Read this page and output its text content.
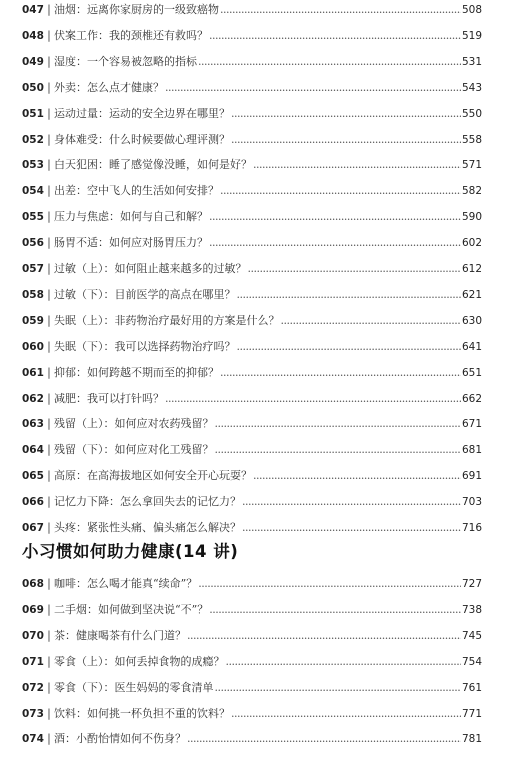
047 | 油烟：远离你家厨房的一级致癌物 .....	508
048 | 伏案工作：我的颈椎还有救吗？ .....	519
049 | 湿度：一个容易被忽略的指标 .....	531
050 | 外卖：怎么点才健康？ .....	543
051 | 运动过量：运动的安全边界在哪里？ .....	550
052 | 身体难受：什么时候要做心理评测？ .....	558
053 | 白天犯困：睡了感觉像没睡，如何是好？ .....	571
054 | 出差：空中飞人的生活如何安排？ .....	582
055 | 压力与焦虑：如何与自己和解？ .....	590
056 | 肠胃不适：如何应对肠胃压力？ .....	602
057 | 过敏（上）：如何阻止越来越多的过敏？ .....	612
058 | 过敏（下）：目前医学的高点在哪里？ .....	621
059 | 失眠（上）：非药物治疗最好用的方案是什么？ .....	630
060 | 失眠（下）：我可以选择药物治疗吗？ .....	641
061 | 抑郁：如何跨越不期而至的抑郁？ .....	651
062 | 减肥：我可以打针吗？ .....	662
063 | 残留（上）：如何应对农药残留？ .....	671
064 | 残留（下）：如何应对化工残留？ .....	681
065 | 高原：在高海拔地区如何安全开心玩耍？ .....	691
066 | 记忆力下降：怎么拿回失去的记忆力？ .....	703
067 | 头疼：紧张性头痛、偏头痛怎么解决？ .....	716
068 | 咖啡：怎么喝才能真“续命”？ .....	727
069 | 二手烟：如何做到坚决说“不”？ .....	738
070 | 茶：健康喝茶有什么门道？ .....	745
071 | 零食（上）：如何丢掉食物的成瘾？ .....	754
072 | 零食（下）：医生妈妈的零食清单 .....	761
073 | 饮料：如何挑一杯负担不重的饮料？ .....	771
074 | 酒：小酌怡情如何不伤身？ .....	781
小习惯如何助力健康(14 讲)
